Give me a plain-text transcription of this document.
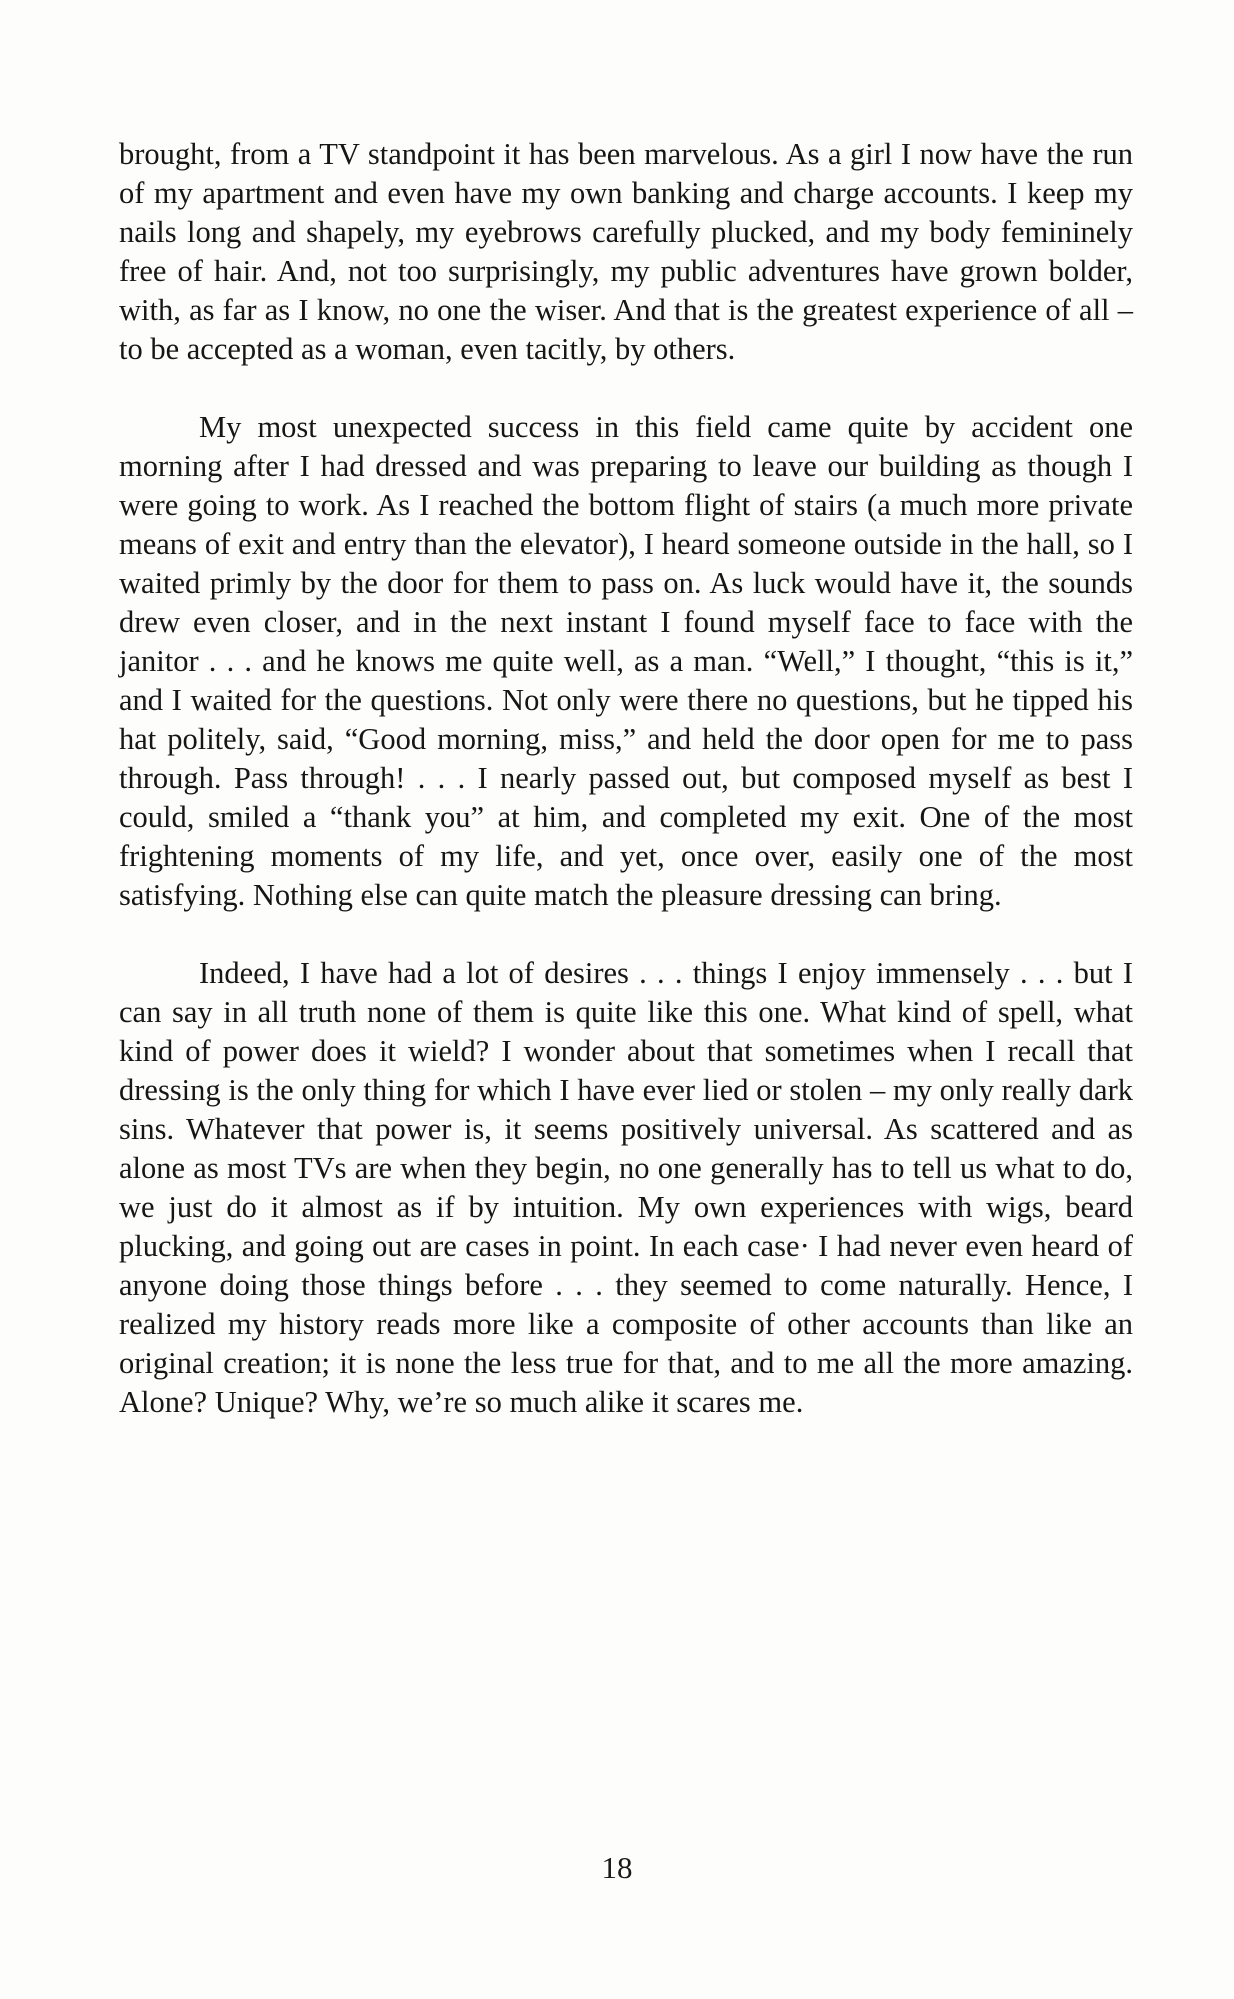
brought, from a TV standpoint it has been marvelous. As a girl I now have the run of my apartment and even have my own banking and charge accounts. I keep my nails long and shapely, my eyebrows carefully plucked, and my body femininely free of hair. And, not too surprisingly, my public adventures have grown bolder, with, as far as I know, no one the wiser. And that is the greatest experience of all – to be accepted as a woman, even tacitly, by others.

My most unexpected success in this field came quite by accident one morning after I had dressed and was preparing to leave our building as though I were going to work. As I reached the bottom flight of stairs (a much more private means of exit and entry than the elevator), I heard someone outside in the hall, so I waited primly by the door for them to pass on. As luck would have it, the sounds drew even closer, and in the next instant I found myself face to face with the janitor . . . and he knows me quite well, as a man. “Well,” I thought, “this is it,” and I waited for the questions. Not only were there no questions, but he tipped his hat politely, said, “Good morning, miss,” and held the door open for me to pass through. Pass through! . . . I nearly passed out, but composed myself as best I could, smiled a “thank you” at him, and completed my exit. One of the most frightening moments of my life, and yet, once over, easily one of the most satisfying. Nothing else can quite match the pleasure dressing can bring.

Indeed, I have had a lot of desires . . . things I enjoy immensely . . . but I can say in all truth none of them is quite like this one. What kind of spell, what kind of power does it wield? I wonder about that sometimes when I recall that dressing is the only thing for which I have ever lied or stolen – my only really dark sins. Whatever that power is, it seems positively universal. As scattered and as alone as most TVs are when they begin, no one generally has to tell us what to do, we just do it almost as if by intuition. My own experiences with wigs, beard plucking, and going out are cases in point. In each case· I had never even heard of anyone doing those things before . . . they seemed to come naturally. Hence, I realized my history reads more like a composite of other accounts than like an original creation; it is none the less true for that, and to me all the more amazing. Alone? Unique? Why, we’re so much alike it scares me.

18
